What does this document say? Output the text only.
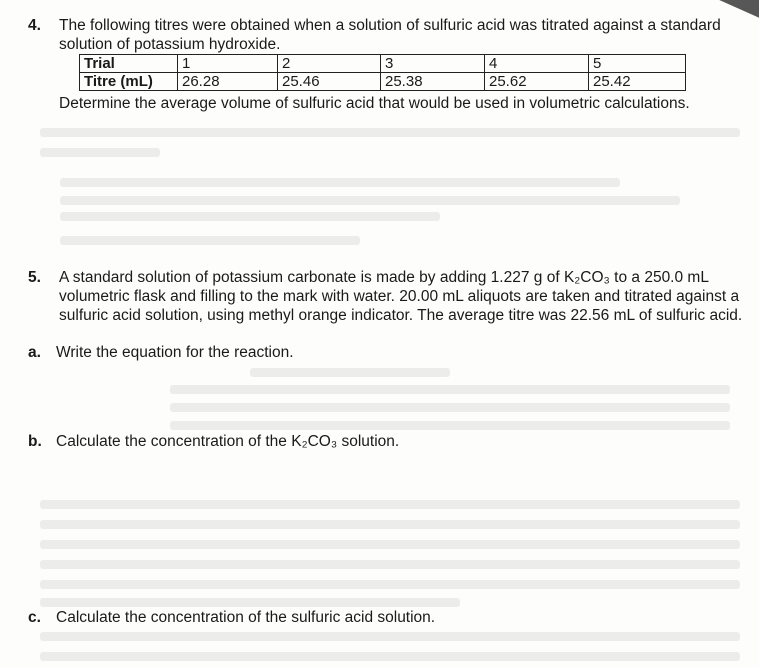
4. The following titres were obtained when a solution of sulfuric acid was titrated against a standard
solution of potassium hydroxide.
Trial	1	2	3	4	5
Titre (mL)	26.28	25.46	25.38	25.62	25.42
Determine the average volume of sulfuric acid that would be used in volumetric calculations.
5. A standard solution of potassium carbonate is made by adding 1.227 g of K₂CO₃ to a 250.0 mL
volumetric flask and filling to the mark with water. 20.00 mL aliquots are taken and titrated against a
sulfuric acid solution, using methyl orange indicator. The average titre was 22.56 mL of sulfuric acid.
a. Write the equation for the reaction.
b. Calculate the concentration of the K₂CO₃ solution.
c. Calculate the concentration of the sulfuric acid solution.
